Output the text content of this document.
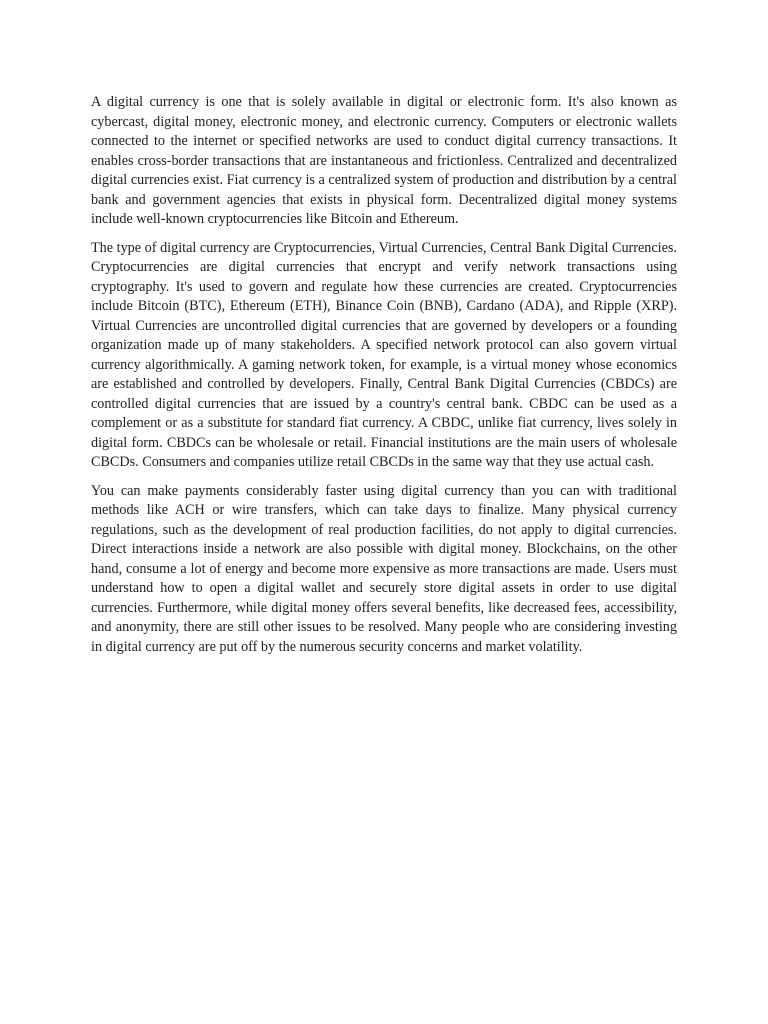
A digital currency is one that is solely available in digital or electronic form. It's also known as cybercast, digital money, electronic money, and electronic currency. Computers or electronic wallets connected to the internet or specified networks are used to conduct digital currency transactions. It enables cross-border transactions that are instantaneous and frictionless. Centralized and decentralized digital currencies exist. Fiat currency is a centralized system of production and distribution by a central bank and government agencies that exists in physical form. Decentralized digital money systems include well-known cryptocurrencies like Bitcoin and Ethereum.

The type of digital currency are Cryptocurrencies, Virtual Currencies, Central Bank Digital Currencies. Cryptocurrencies are digital currencies that encrypt and verify network transactions using cryptography. It's used to govern and regulate how these currencies are created. Cryptocurrencies include Bitcoin (BTC), Ethereum (ETH), Binance Coin (BNB), Cardano (ADA), and Ripple (XRP). Virtual Currencies are uncontrolled digital currencies that are governed by developers or a founding organization made up of many stakeholders. A specified network protocol can also govern virtual currency algorithmically. A gaming network token, for example, is a virtual money whose economics are established and controlled by developers. Finally, Central Bank Digital Currencies (CBDCs) are controlled digital currencies that are issued by a country's central bank. CBDC can be used as a complement or as a substitute for standard fiat currency. A CBDC, unlike fiat currency, lives solely in digital form. CBDCs can be wholesale or retail. Financial institutions are the main users of wholesale CBCDs. Consumers and companies utilize retail CBCDs in the same way that they use actual cash.

You can make payments considerably faster using digital currency than you can with traditional methods like ACH or wire transfers, which can take days to finalize. Many physical currency regulations, such as the development of real production facilities, do not apply to digital currencies. Direct interactions inside a network are also possible with digital money. Blockchains, on the other hand, consume a lot of energy and become more expensive as more transactions are made. Users must understand how to open a digital wallet and securely store digital assets in order to use digital currencies. Furthermore, while digital money offers several benefits, like decreased fees, accessibility, and anonymity, there are still other issues to be resolved. Many people who are considering investing in digital currency are put off by the numerous security concerns and market volatility.
